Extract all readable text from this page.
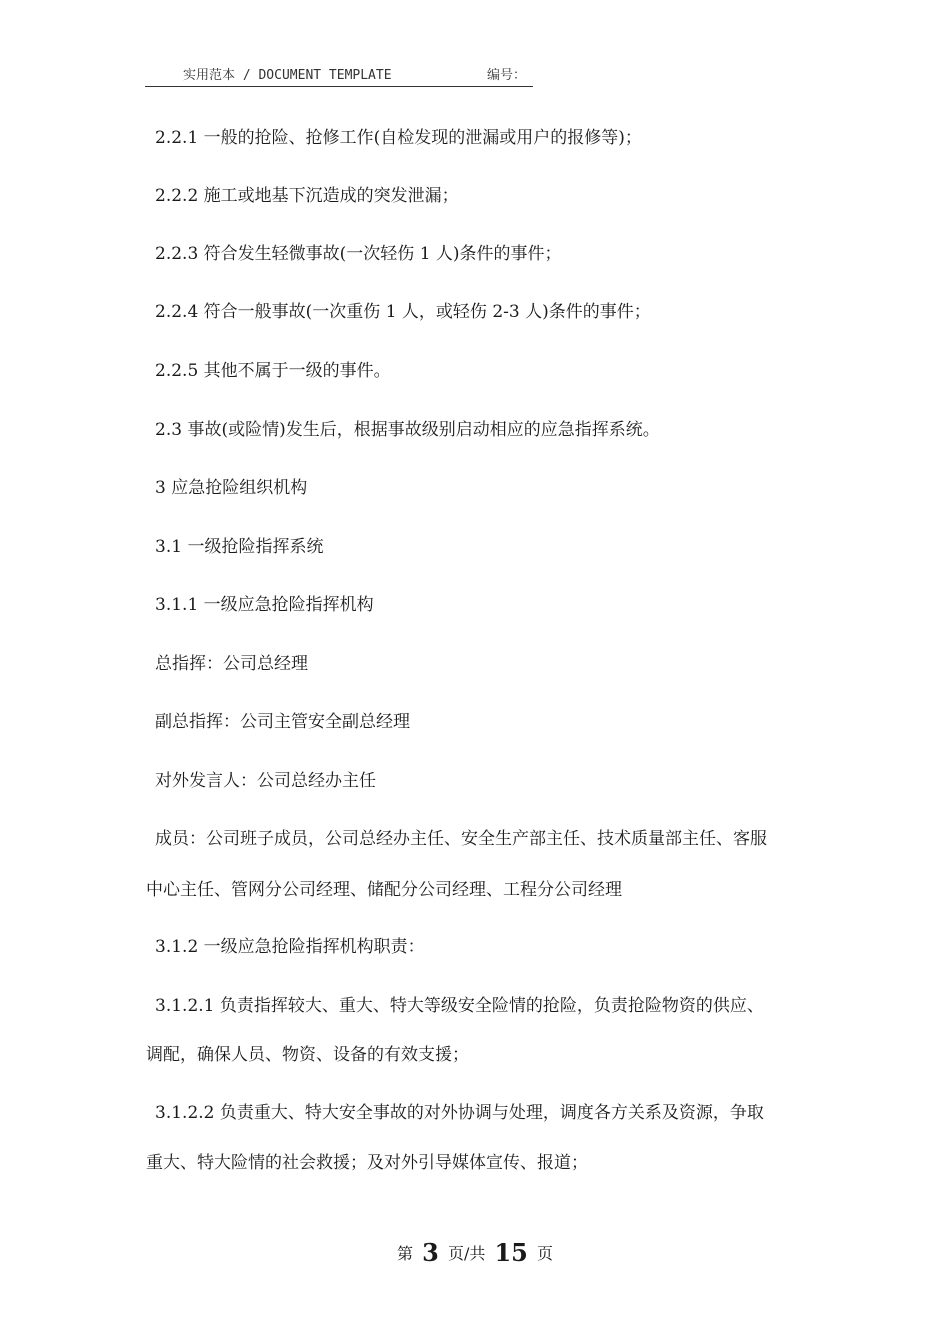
实用范本 / DOCUMENT TEMPLATE

	编号：

2.2.1 一般的抢险、抢修工作(自检发现的泄漏或用户的报修等)；
2.2.2 施工或地基下沉造成的突发泄漏；
2.2.3 符合发生轻微事故(一次轻伤 1 人)条件的事件；
2.2.4 符合一般事故(一次重伤 1 人，或轻伤 2-3 人)条件的事件；
2.2.5 其他不属于一级的事件。
2.3 事故(或险情)发生后，根据事故级别启动相应的应急指挥系统。
3 应急抢险组织机构
3.1 一级抢险指挥系统
3.1.1 一级应急抢险指挥机构
总指挥：公司总经理
副总指挥：公司主管安全副总经理
对外发言人：公司总经办主任
成员：公司班子成员，公司总经办主任、安全生产部主任、技术质量部主任、客服
中心主任、管网分公司经理、储配分公司经理、工程分公司经理
3.1.2 一级应急抢险指挥机构职责：
3.1.2.1 负责指挥较大、重大、特大等级安全险情的抢险，负责抢险物资的供应、
调配，确保人员、物资、设备的有效支援；
3.1.2.2 负责重大、特大安全事故的对外协调与处理，调度各方关系及资源，争取
重大、特大险情的社会救援；及对外引导媒体宣传、报道；
第 3 页/共 15 页
